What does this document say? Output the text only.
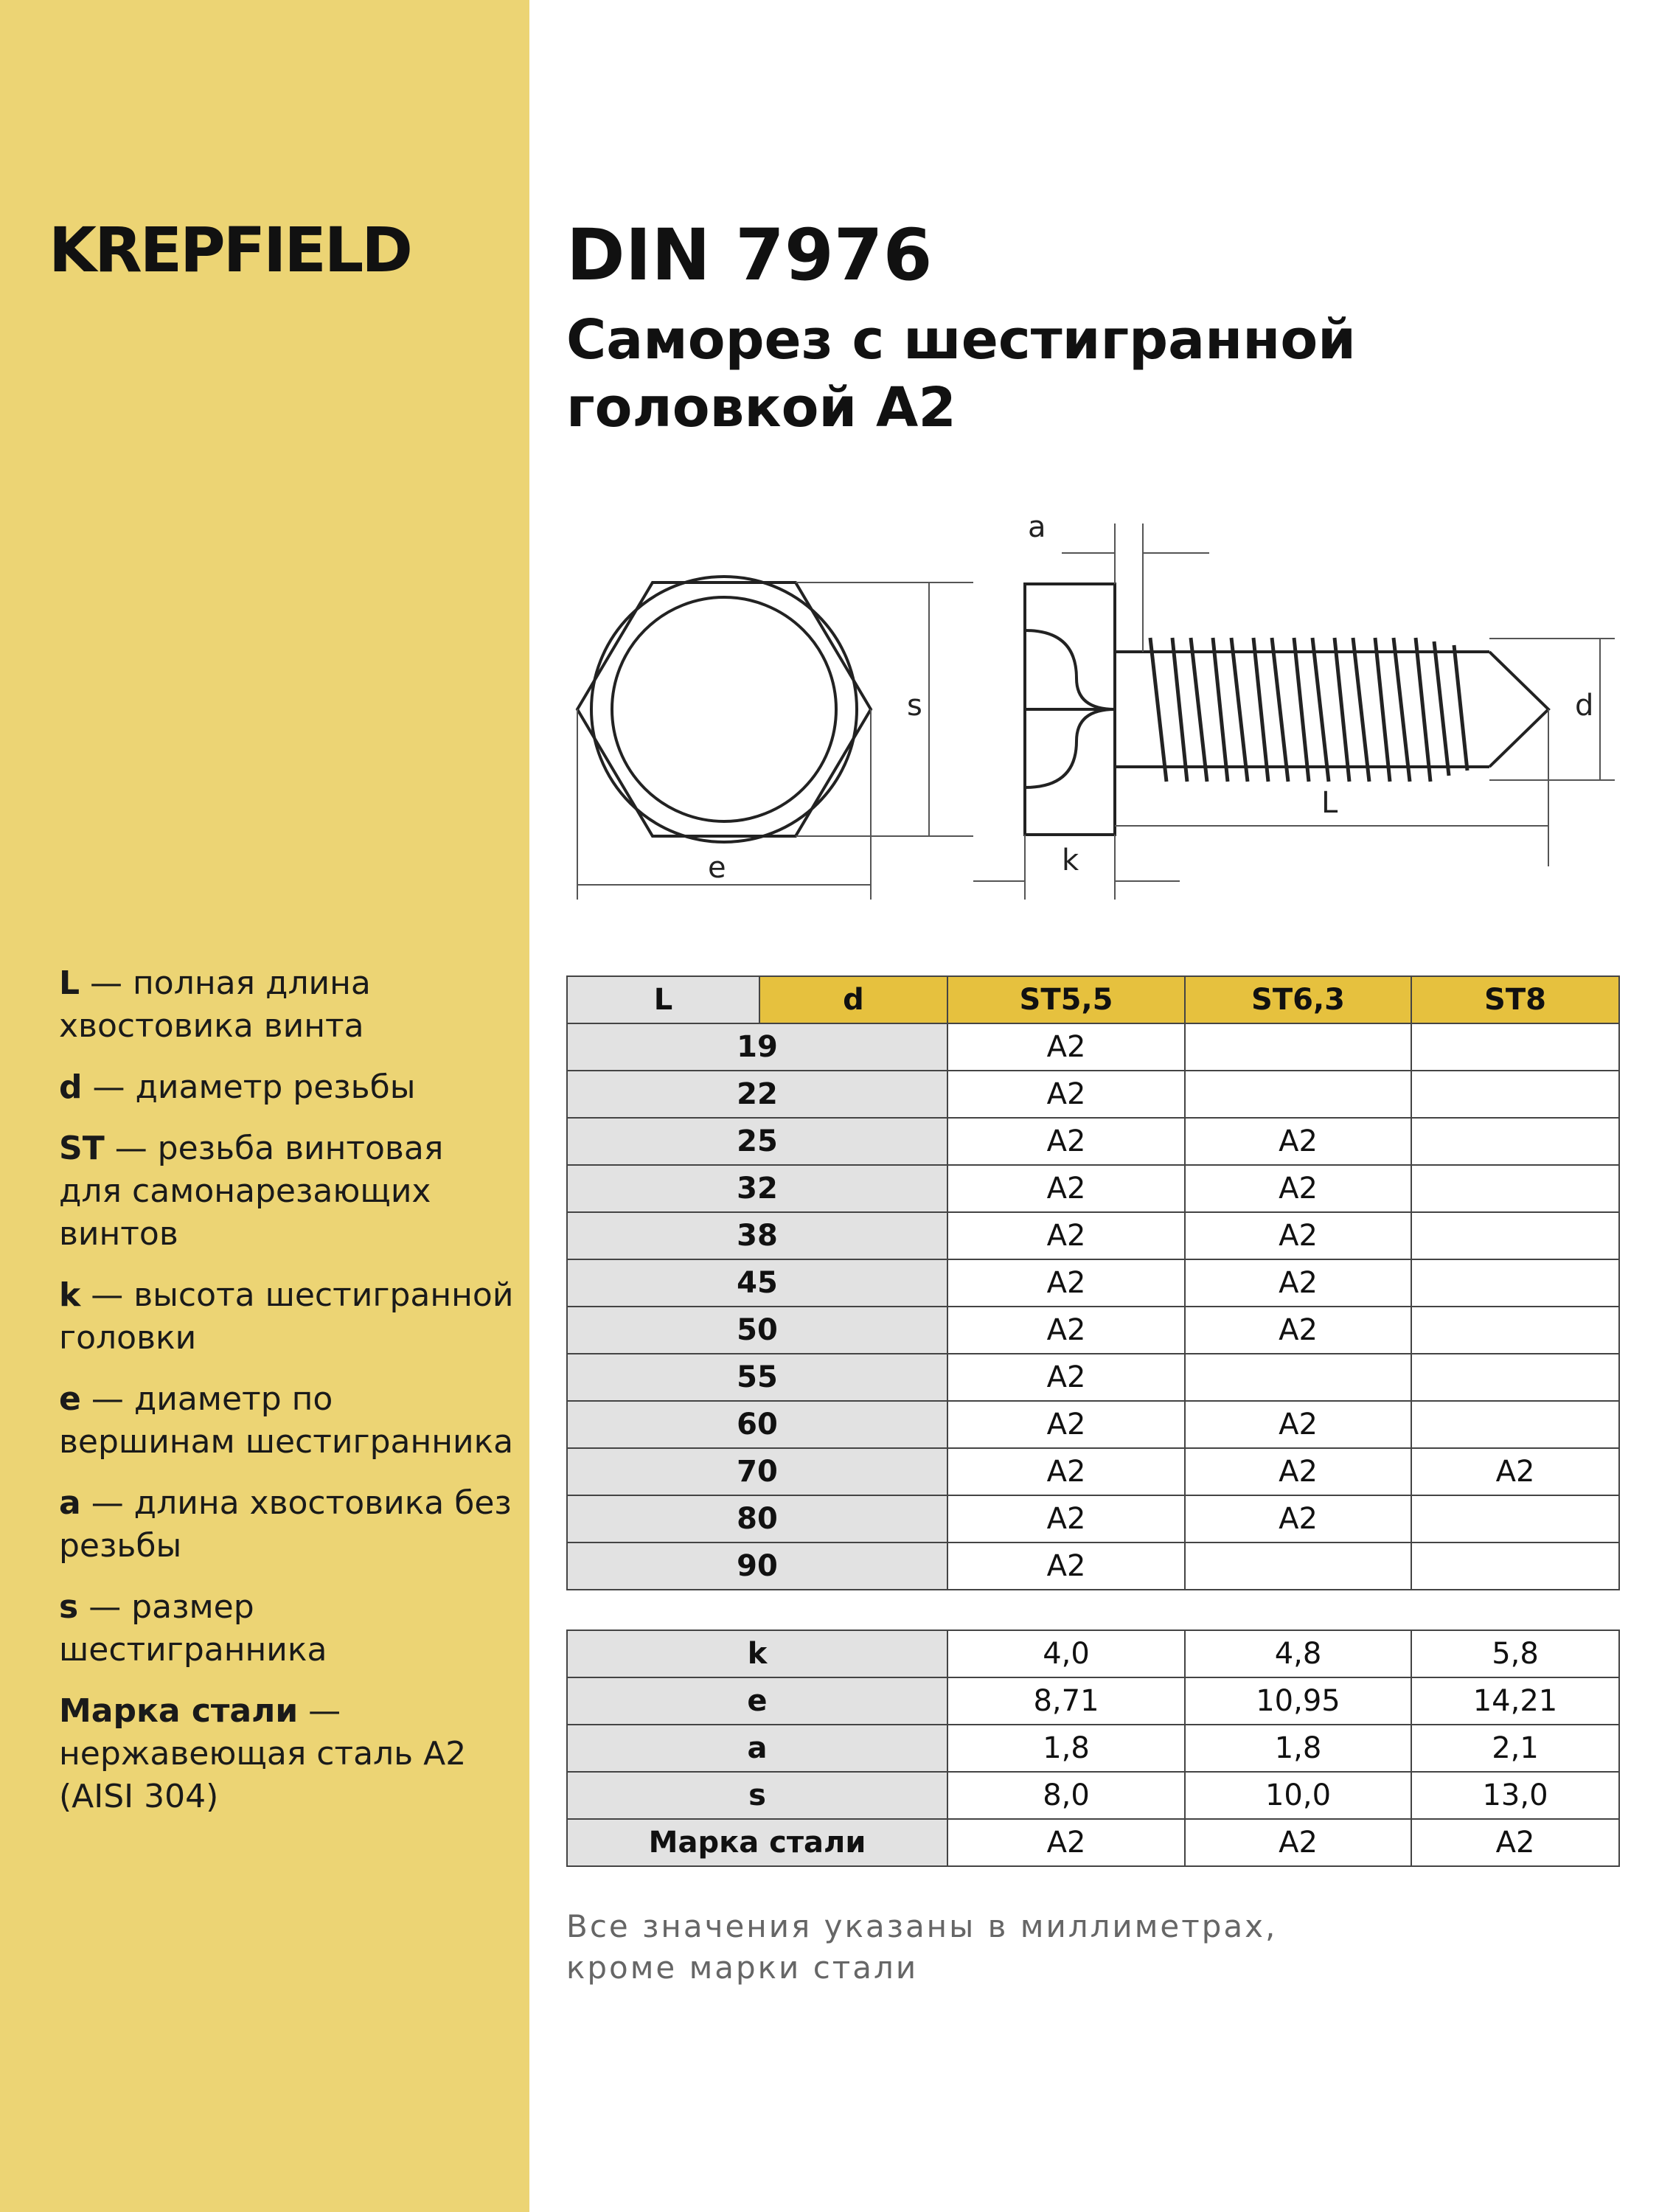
KREPFIELD
L — полная длина хвостовика винта
d — диаметр резьбы
ST — резьба винтовая для самонарезающих винтов
k — высота шестигранной головки
e — диаметр по вершинам шестигранника
a — длина хвостовика без резьбы
s — размер шестигранника
Марка стали — нержавеющая сталь А2 (AISI 304)
DIN 7976
Саморез с шестигранной головкой А2
a
s
e	k
L
d
L	d	ST5,5	ST6,3	ST8
19		A2		
22		A2		
25		A2	A2	
32		A2	A2	
38		A2	A2	
45		A2	A2	
50		A2	A2	
55		A2		
60		A2	A2	
70		A2	A2	A2
80		A2	A2	
90		A2		
k	4,0	4,8	5,8
e	8,71	10,95	14,21
a	1,8	1,8	2,1
s	8,0	10,0	13,0
Марка стали	A2	A2	A2
Все значения указаны в миллиметрах, кроме марки стали
